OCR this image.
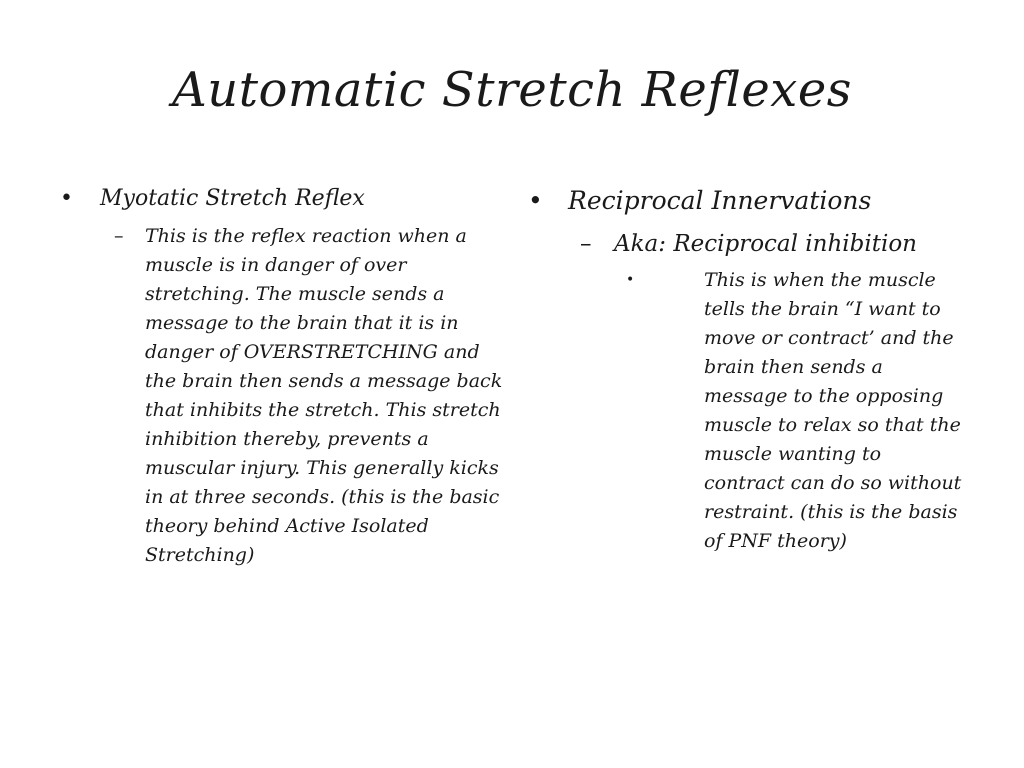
Automatic Stretch Reflexes
• Myotatic Stretch Reflex
– This is the reflex reaction when a muscle is in danger of over stretching. The muscle sends a message to the brain that it is in danger of OVERSTRETCHING and the brain then sends a message back that inhibits the stretch. This stretch inhibition thereby, prevents a muscular injury. This generally kicks in at three seconds. (this is the basic theory behind Active Isolated Stretching)
• Reciprocal Innervations
– Aka: Reciprocal inhibition
•	This is when the muscle tells the brain “I want to move or contract’ and the brain then sends a message to the opposing muscle to relax so that the muscle wanting to contract can do so without restraint. (this is the basis of PNF theory)
